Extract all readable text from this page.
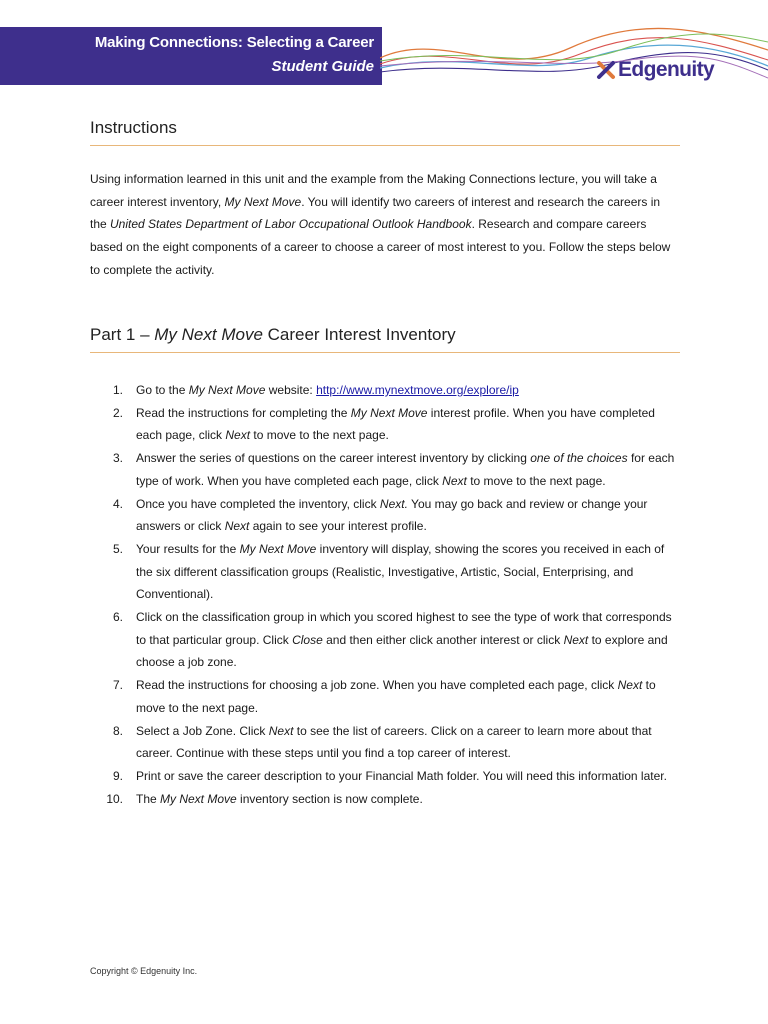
Making Connections: Selecting a Career
Student Guide	Edgenuity
Instructions

Using information learned in this unit and the example from the Making Connections lecture, you will take a career interest inventory, My Next Move. You will identify two careers of interest and research the careers in the United States Department of Labor Occupational Outlook Handbook. Research and compare careers based on the eight components of a career to choose a career of most interest to you. Follow the steps below to complete the activity.

Part 1 – My Next Move Career Interest Inventory
1. Go to the My Next Move website: http://www.mynextmove.org/explore/ip
2. Read the instructions for completing the My Next Move interest profile. When you have completed each page, click Next to move to the next page.
3. Answer the series of questions on the career interest inventory by clicking one of the choices for each type of work. When you have completed each page, click Next to move to the next page.
4. Once you have completed the inventory, click Next. You may go back and review or change your answers or click Next again to see your interest profile.
5. Your results for the My Next Move inventory will display, showing the scores you received in each of the six different classification groups (Realistic, Investigative, Artistic, Social, Enterprising, and Conventional).
6. Click on the classification group in which you scored highest to see the type of work that corresponds to that particular group. Click Close and then either click another interest or click Next to explore and choose a job zone.
7. Read the instructions for choosing a job zone. When you have completed each page, click Next to move to the next page.
8. Select a Job Zone. Click Next to see the list of careers. Click on a career to learn more about that career. Continue with these steps until you find a top career of interest.
9. Print or save the career description to your Financial Math folder. You will need this information later.
10. The My Next Move inventory section is now complete.
Copyright © Edgenuity Inc.
